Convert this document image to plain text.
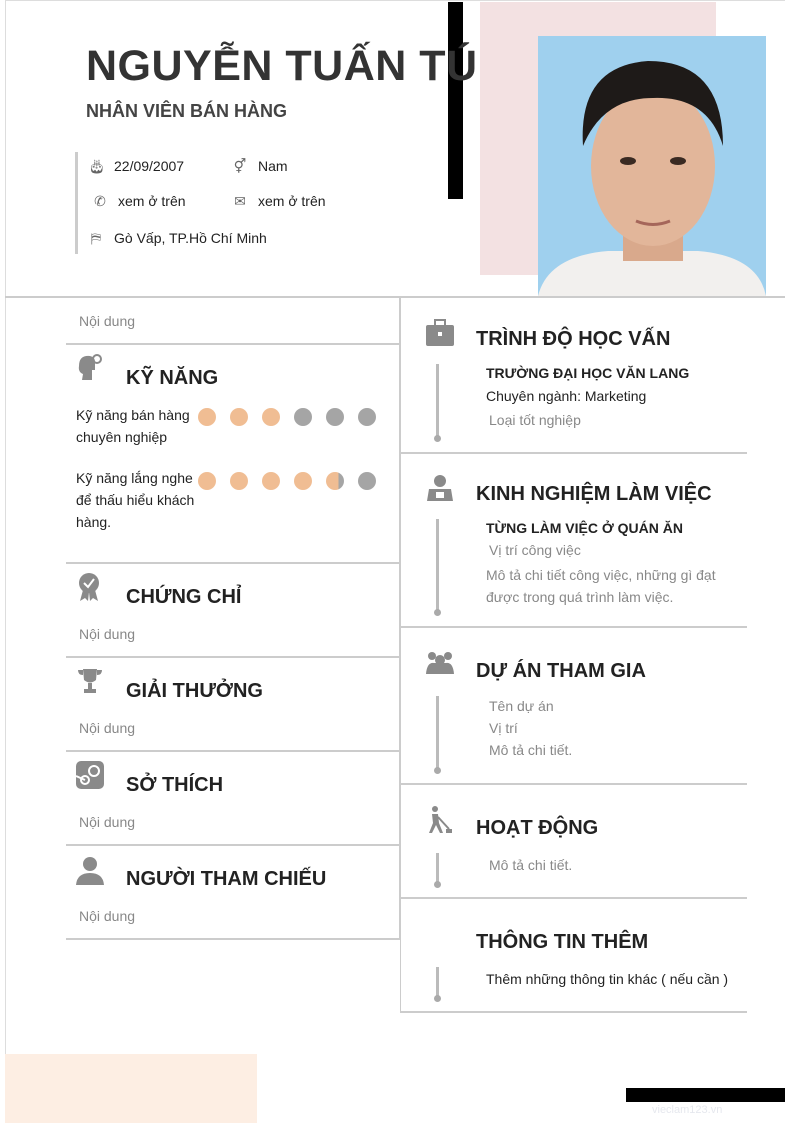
NGUYỄN TUẤN TÚ
NHÂN VIÊN BÁN HÀNG
🎂︎ 22/09/2007	⚥ Nam
✆ xem ở trên	✉ xem ở trên
⛿ Gò Vấp, TP.Hồ Chí Minh
Nội dung
KỸ NĂNG
Kỹ năng bán hàng chuyên nghiệp
Kỹ năng lắng nghe để thấu hiểu khách hàng.
CHỨNG CHỈ
Nội dung
GIẢI THƯỞNG
Nội dung
SỞ THÍCH
Nội dung
NGƯỜI THAM CHIẾU
Nội dung
TRÌNH ĐỘ HỌC VẤN
TRƯỜNG ĐẠI HỌC VĂN LANG
Chuyên ngành: Marketing
Loại tốt nghiệp
KINH NGHIỆM LÀM VIỆC
TỪNG LÀM VIỆC Ở QUÁN ĂN
Vị trí công việc
Mô tả chi tiết công việc, những gì đạt được trong quá trình làm việc.
DỰ ÁN THAM GIA
Tên dự án
Vị trí
Mô tả chi tiết.
HOẠT ĐỘNG
Mô tả chi tiết.
THÔNG TIN THÊM
Thêm những thông tin khác ( nếu cần )
vieclam123.vn
